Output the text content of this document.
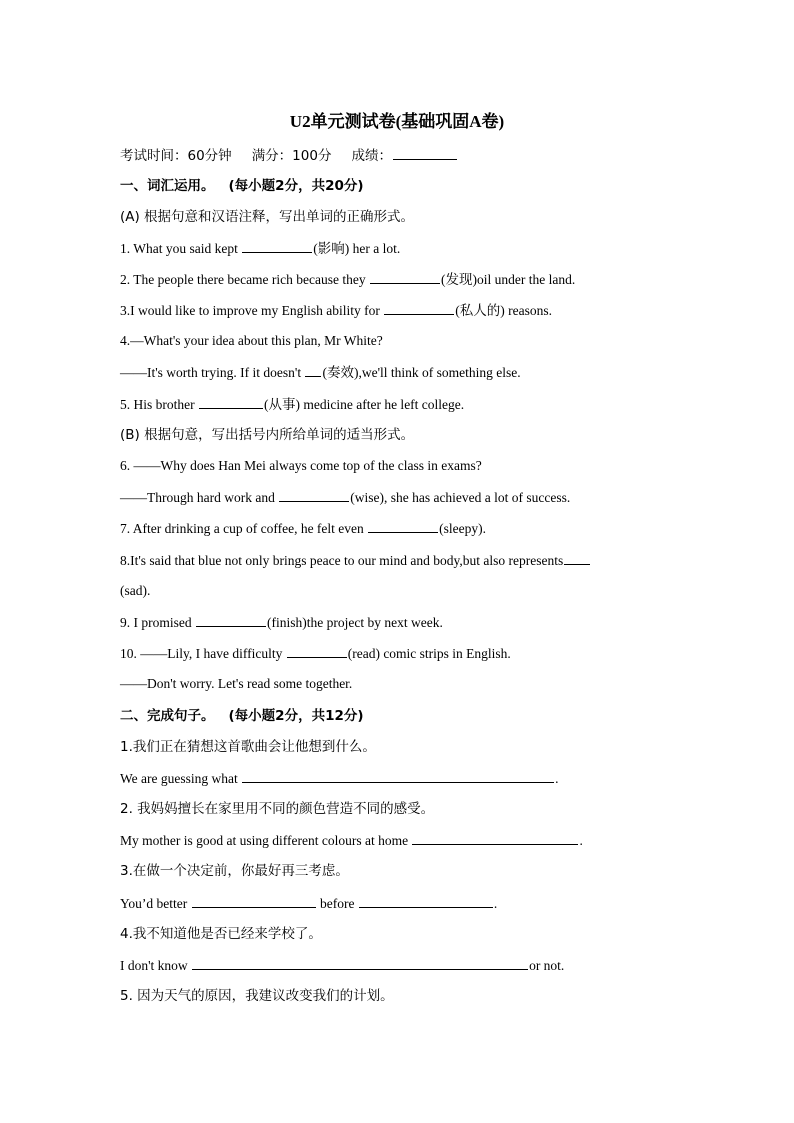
U2单元测试卷(基础巩固A卷)
考试时间：60分钟 满分：100分 成绩：
一、词汇运用。 (每小题2分，共20分)
(A) 根据句意和汉语注释，写出单词的正确形式。
1. What you said kept	(影响) her a lot.
2. The people there became rich because they	(发现)oil under the land.
3.I would like to improve my English ability for	(私人的) reasons.
4.—What's your idea about this plan, Mr White?
——It's worth trying. If it doesn't (奏效),we'll think of something else.
5. His brother	(从事) medicine after he left college.
(B) 根据句意，写出括号内所给单词的适当形式。
6. ——Why does Han Mei always come top of the class in exams?
——Through hard work and	(wise), she has achieved a lot of success.
7. After drinking a cup of coffee, he felt even	(sleepy).
8.It's said that blue not only brings peace to our mind and body,but also represents
(sad).
9. I promised	(finish)the project by next week.
10. ——Lily, I have difficulty	(read) comic strips in English.
——Don't worry. Let's read some together.
二、完成句子。 (每小题2分，共12分)
1.我们正在猜想这首歌曲会让他想到什么。
We are guessing what	.
2. 我妈妈擅长在家里用不同的颜色营造不同的感受。
My mother is good at using different colours at home	.
3.在做一个决定前，你最好再三考虑。
You’d better	before	.
4.我不知道他是否已经来学校了。
I don't know	or not.
5. 因为天气的原因，我建议改变我们的计划。
